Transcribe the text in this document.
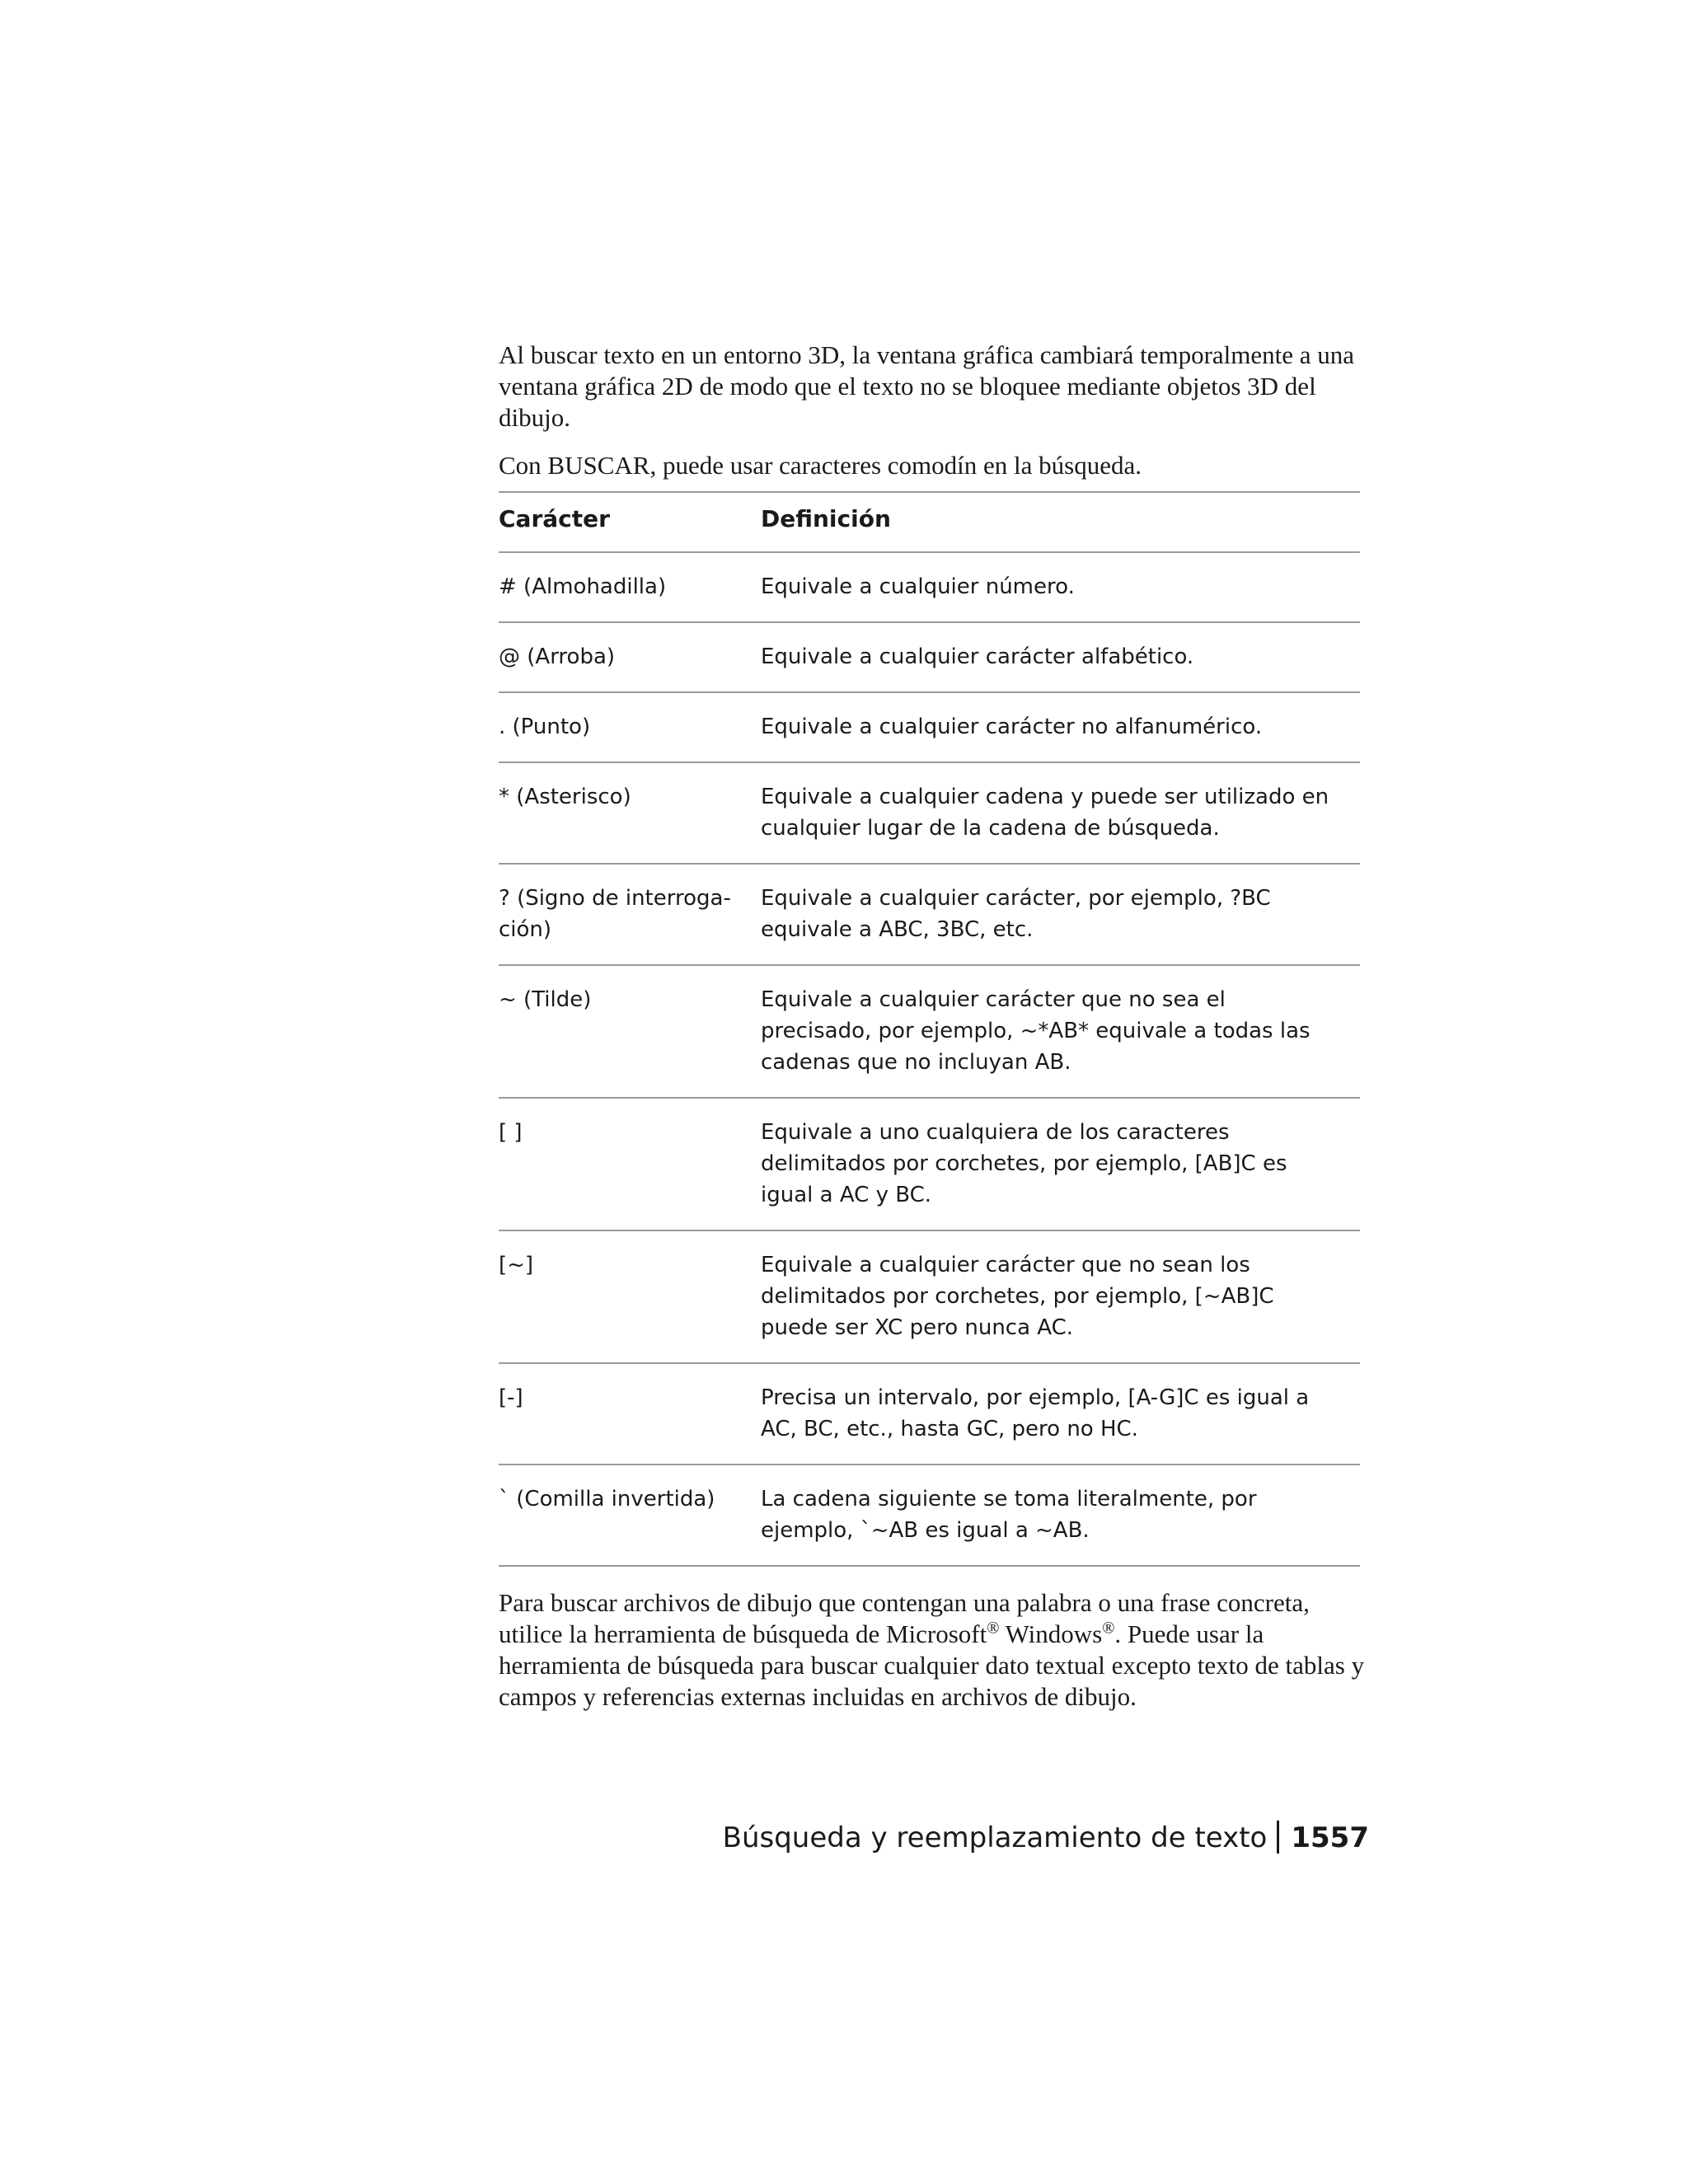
Al buscar texto en un entorno 3D, la ventana gráfica cambiará temporalmente a una ventana gráfica 2D de modo que el texto no se bloquee mediante objetos 3D del dibujo.

Con BUSCAR, puede usar caracteres comodín en la búsqueda.

Carácter	Definición
# (Almohadilla)	Equivale a cualquier número.
@ (Arroba)	Equivale a cualquier carácter alfabético.
. (Punto)	Equivale a cualquier carácter no alfanumérico.
* (Asterisco)	Equivale a cualquier cadena y puede ser utilizado en cualquier lugar de la cadena de búsqueda.
? (Signo de interroga- ción)	Equivale a cualquier carácter, por ejemplo, ?BC equivale a ABC, 3BC, etc.
~ (Tilde)	Equivale a cualquier carácter que no sea el precisado, por ejemplo, ~*AB* equivale a todas las cadenas que no incluyan AB.
[ ]	Equivale a uno cualquiera de los caracteres delimitados por corchetes, por ejemplo, [AB]C es igual a AC y BC.
[~]	Equivale a cualquier carácter que no sean los delimitados por corchetes, por ejemplo, [~AB]C puede ser XC pero nunca AC.
[-]	Precisa un intervalo, por ejemplo, [A-G]C es igual a AC, BC, etc., hasta GC, pero no HC.
` (Comilla invertida)	La cadena siguiente se toma literalmente, por ejemplo, `~AB es igual a ~AB.

Para buscar archivos de dibujo que contengan una palabra o una frase concreta, utilice la herramienta de búsqueda de Microsoft® Windows®. Puede usar la herramienta de búsqueda para buscar cualquier dato textual excepto texto de tablas y campos y referencias externas incluidas en archivos de dibujo.

Búsqueda y reemplazamiento de texto 1557
